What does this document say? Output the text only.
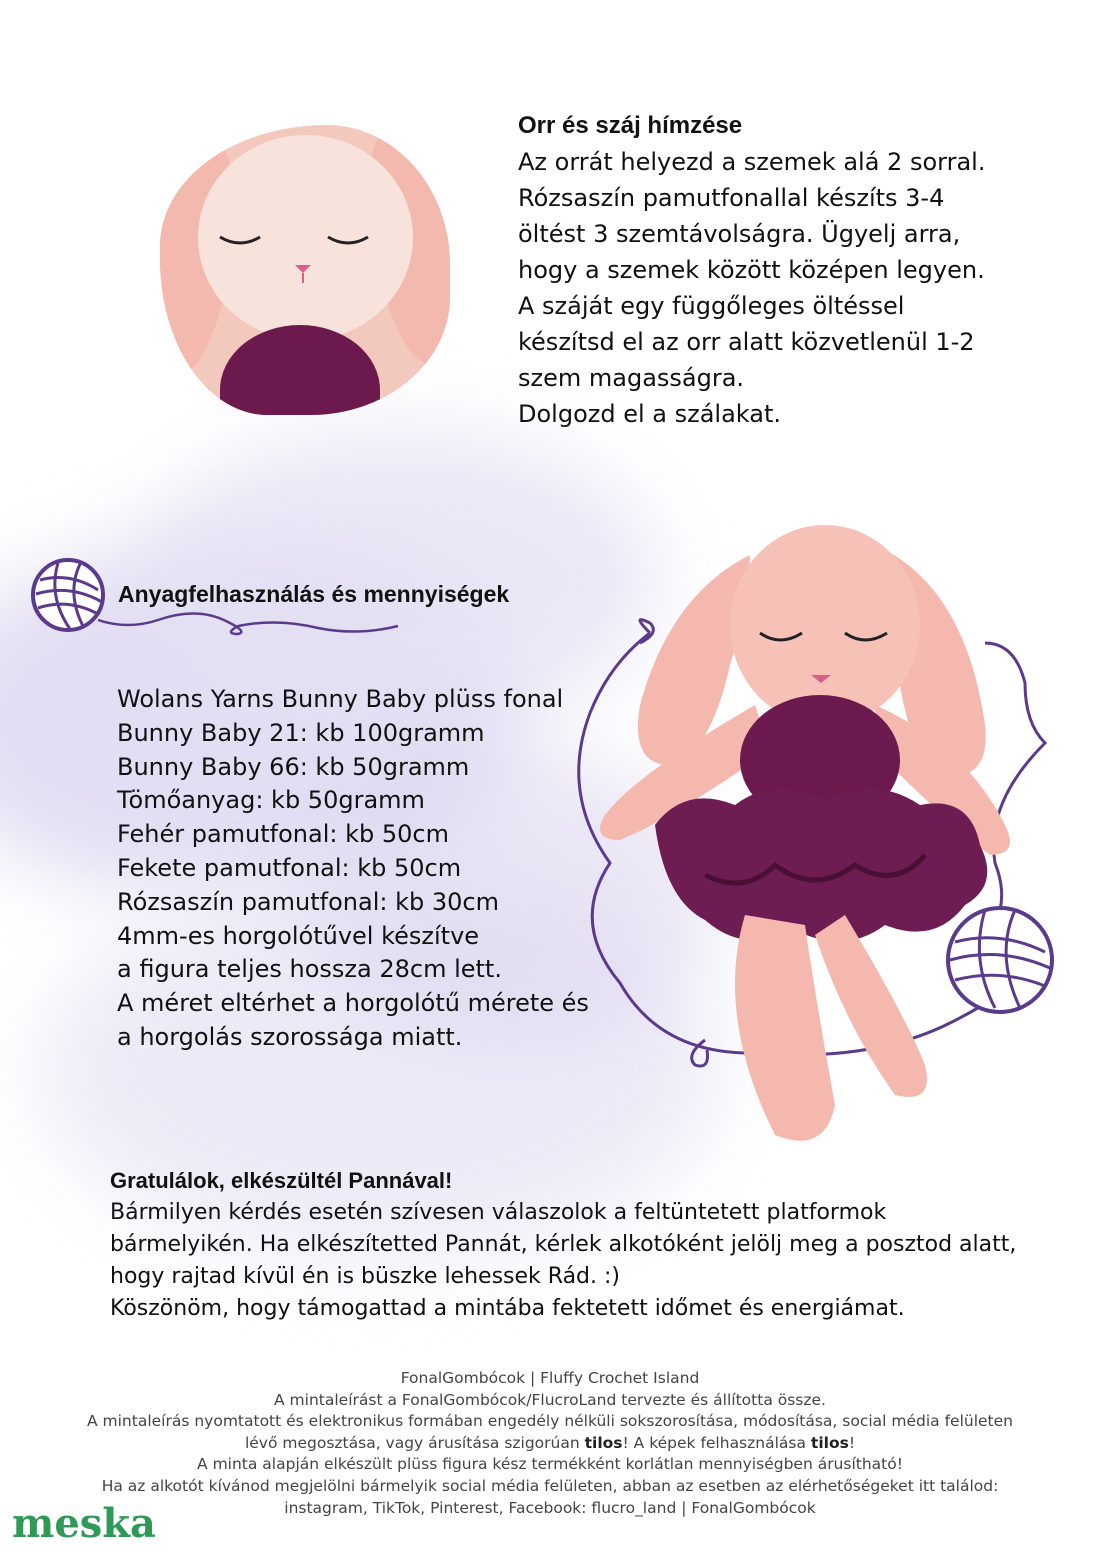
Orr és száj hímzése
Az orrát helyezd a szemek alá 2 sorral.
Rózsaszín pamutfonallal készíts 3-4
öltést 3 szemtávolságra. Ügyelj arra,
hogy a szemek között középen legyen.
A száját egy függőleges öltéssel
készítsd el az orr alatt közvetlenül 1-2
szem magasságra.
Dolgozd el a szálakat.
Anyagfelhasználás és mennyiségek
Wolans Yarns Bunny Baby plüss fonal
Bunny Baby 21: kb 100gramm
Bunny Baby 66: kb 50gramm
Tömőanyag: kb 50gramm
Fehér pamutfonal: kb 50cm
Fekete pamutfonal: kb 50cm
Rózsaszín pamutfonal: kb 30cm
4mm-es horgolótűvel készítve
a figura teljes hossza 28cm lett.
A méret eltérhet a horgolótű mérete és
a horgolás szorossága miatt.
Gratulálok, elkészültél Pannával!
Bármilyen kérdés esetén szívesen válaszolok a feltüntetett platformok
bármelyikén. Ha elkészítetted Pannát, kérlek alkotóként jelölj meg a posztod alatt,
hogy rajtad kívül én is büszke lehessek Rád. :)
Köszönöm, hogy támogattad a mintába fektetett időmet és energiámat.
FonalGombócok | Fluffy Crochet Island
A mintaleírást a FonalGombócok/FlucroLand tervezte és állította össze.
A mintaleírás nyomtatott és elektronikus formában engedély nélküli sokszorosítása, módosítása, social média felületen
lévő megosztása, vagy árusítása szigorúan tilos! A képek felhasználása tilos!
A minta alapján elkészült plüss figura kész termékként korlátlan mennyiségben árusítható!
Ha az alkotót kívánod megjelölni bármelyik social média felületen, abban az esetben az elérhetőségeket itt találod:
instagram, TikTok, Pinterest, Facebook: flucro_land | FonalGombócok
meska
